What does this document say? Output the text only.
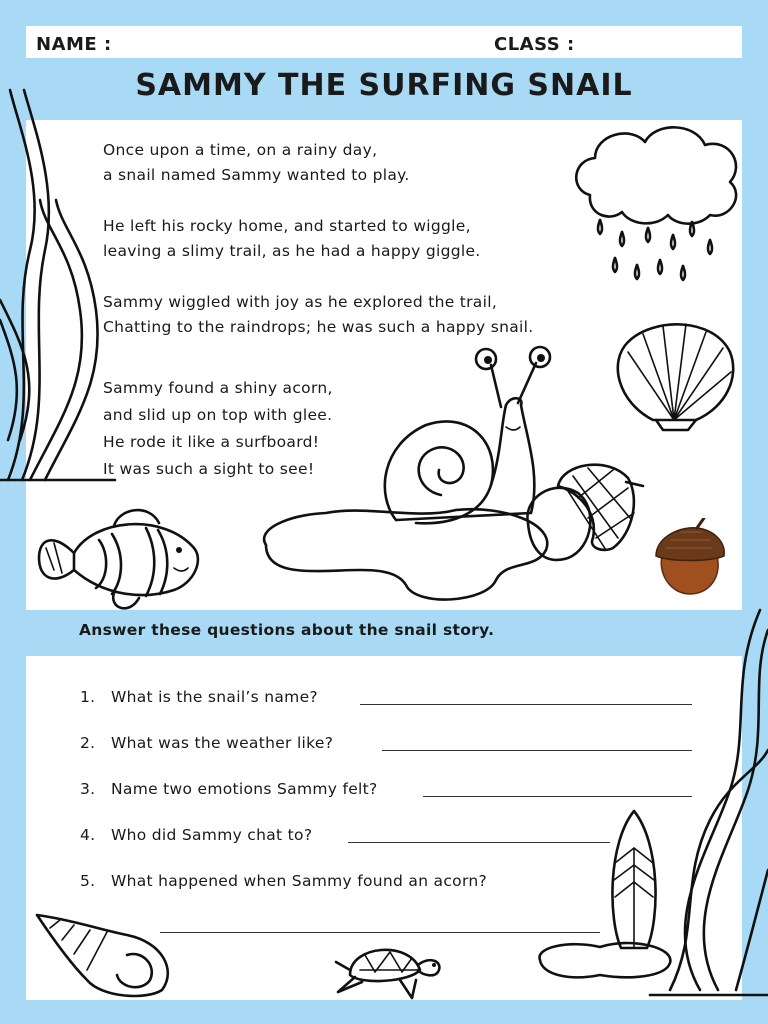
NAME :	CLASS :
SAMMY THE SURFING SNAIL
Once upon a time, on a rainy day,
a snail named Sammy wanted to play.
He left his rocky home, and started to wiggle,
leaving a slimy trail, as he had a happy giggle.
Sammy wiggled with joy as he explored the trail,
Chatting to the raindrops; he was such a happy snail.
Sammy found a shiny acorn,
and slid up on top with glee.
He rode it like a surfboard!
It was such a sight to see!
Answer these questions about the snail story.
1. What is the snail’s name?
2. What was the weather like?
3. Name two emotions Sammy felt?
4. Who did Sammy chat to?
5. What happened when Sammy found an acorn?
